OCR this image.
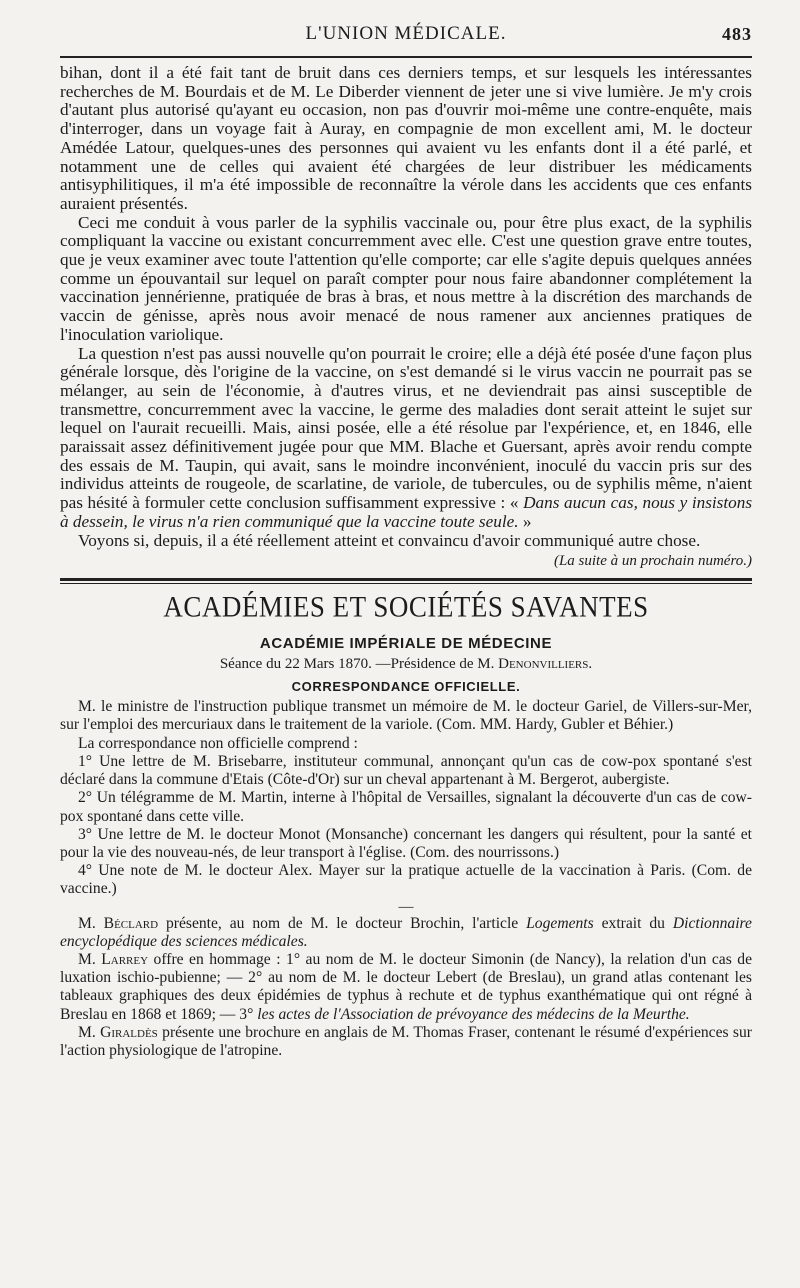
L'UNION MÉDICALE.	483

bihan, dont il a été fait tant de bruit dans ces derniers temps, et sur lesquels les intéressantes recherches de M. Bourdais et de M. Le Diberder viennent de jeter une si vive lumière. Je m'y crois d'autant plus autorisé qu'ayant eu occasion, non pas d'ouvrir moi-même une contre-enquête, mais d'interroger, dans un voyage fait à Auray, en compagnie de mon excellent ami, M. le docteur Amédée Latour, quelques-unes des personnes qui avaient vu les enfants dont il a été parlé, et notamment une de celles qui avaient été chargées de leur distribuer les médicaments antisyphilitiques, il m'a été impossible de reconnaître la vérole dans les accidents que ces enfants auraient présentés.

Ceci me conduit à vous parler de la syphilis vaccinale ou, pour être plus exact, de la syphilis compliquant la vaccine ou existant concurremment avec elle. C'est une question grave entre toutes, que je veux examiner avec toute l'attention qu'elle comporte; car elle s'agite depuis quelques années comme un épouvantail sur lequel on paraît compter pour nous faire abandonner complétement la vaccination jennérienne, pratiquée de bras à bras, et nous mettre à la discrétion des marchands de vaccin de génisse, après nous avoir menacé de nous ramener aux anciennes pratiques de l'inoculation variolique.

La question n'est pas aussi nouvelle qu'on pourrait le croire; elle a déjà été posée d'une façon plus générale lorsque, dès l'origine de la vaccine, on s'est demandé si le virus vaccin ne pourrait pas se mélanger, au sein de l'économie, à d'autres virus, et ne deviendrait pas ainsi susceptible de transmettre, concurremment avec la vaccine, le germe des maladies dont serait atteint le sujet sur lequel on l'aurait recueilli. Mais, ainsi posée, elle a été résolue par l'expérience, et, en 1846, elle paraissait assez définitivement jugée pour que MM. Blache et Guersant, après avoir rendu compte des essais de M. Taupin, qui avait, sans le moindre inconvénient, inoculé du vaccin pris sur des individus atteints de rougeole, de scarlatine, de variole, de tubercules, ou de syphilis même, n'aient pas hésité à formuler cette conclusion suffisamment expressive : « Dans aucun cas, nous y insistons à dessein, le virus n'a rien communiqué que la vaccine toute seule. »

Voyons si, depuis, il a été réellement atteint et convaincu d'avoir communiqué autre chose.

(La suite à un prochain numéro.)
ACADÉMIES ET SOCIÉTÉS SAVANTES
ACADÉMIE IMPÉRIALE DE MÉDECINE
Séance du 22 Mars 1870. —Présidence de M. Denonvilliers.
CORRESPONDANCE OFFICIELLE.

M. le ministre de l'instruction publique transmet un mémoire de M. le docteur Gariel, de Villers-sur-Mer, sur l'emploi des mercuriaux dans le traitement de la variole. (Com. MM. Hardy, Gubler et Béhier.)

La correspondance non officielle comprend :

1° Une lettre de M. Brisebarre, instituteur communal, annonçant qu'un cas de cow-pox spontané s'est déclaré dans la commune d'Etais (Côte-d'Or) sur un cheval appartenant à M. Bergerot, aubergiste.

2° Un télégramme de M. Martin, interne à l'hôpital de Versailles, signalant la découverte d'un cas de cow-pox spontané dans cette ville.

3° Une lettre de M. le docteur Monot (Monsanche) concernant les dangers qui résultent, pour la santé et pour la vie des nouveau-nés, de leur transport à l'église. (Com. des nourrissons.)

4° Une note de M. le docteur Alex. Mayer sur la pratique actuelle de la vaccination à Paris. (Com. de vaccine.)

—

M. Béclard présente, au nom de M. le docteur Brochin, l'article Logements extrait du Dictionnaire encyclopédique des sciences médicales.

M. Larrey offre en hommage : 1° au nom de M. le docteur Simonin (de Nancy), la relation d'un cas de luxation ischio-pubienne; — 2° au nom de M. le docteur Lebert (de Breslau), un grand atlas contenant les tableaux graphiques des deux épidémies de typhus à rechute et de typhus exanthématique qui ont régné à Breslau en 1868 et 1869; — 3° les actes de l'Association de prévoyance des médecins de la Meurthe.

M. Giraldès présente une brochure en anglais de M. Thomas Fraser, contenant le résumé d'expériences sur l'action physiologique de l'atropine.
